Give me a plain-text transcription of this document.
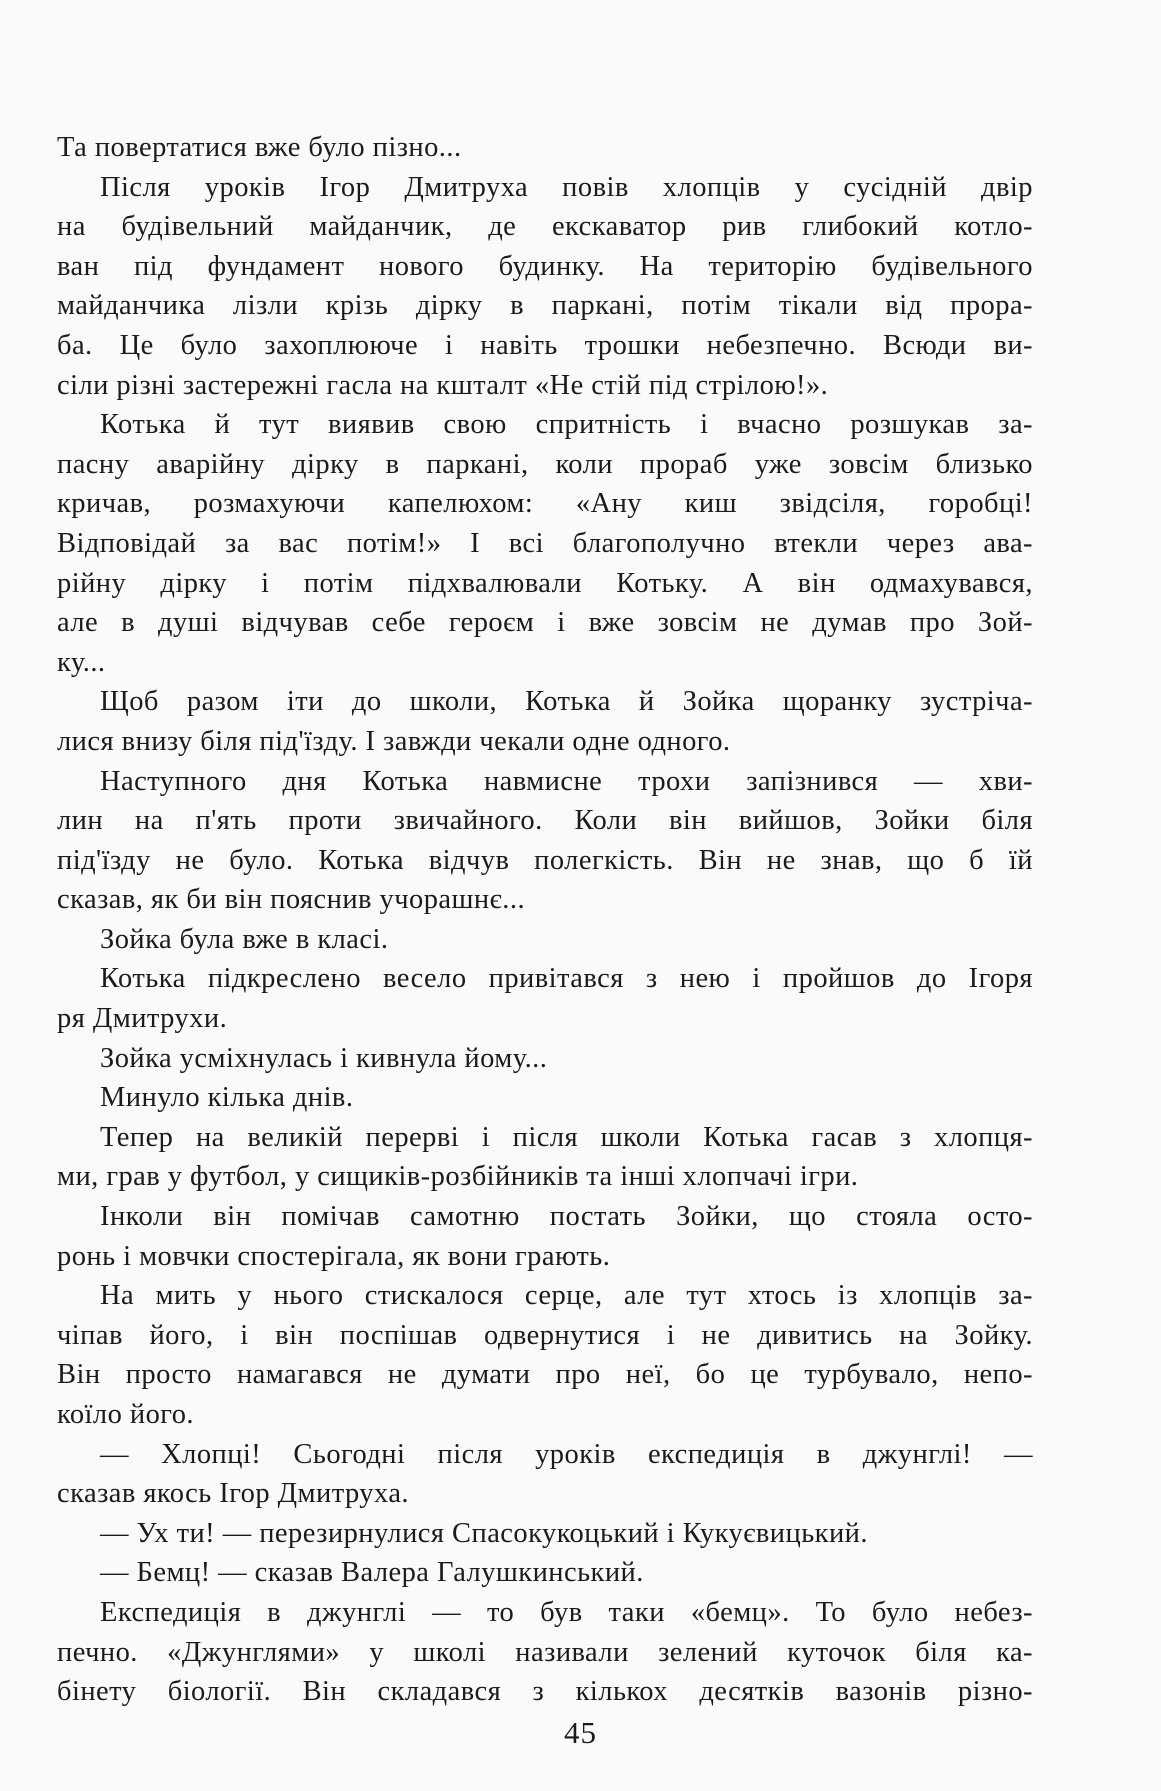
Та повертатися вже було пізно...
Після уроків Ігор Дмитруха повів хлопців у сусідній двір
на будівельний майданчик, де екскаватор рив глибокий котло-
ван під фундамент нового будинку. На територію будівельного
майданчика лізли крізь дірку в паркані, потім тікали від прора-
ба. Це було захоплююче і навіть трошки небезпечно. Всюди ви-
сіли різні застережні гасла на кшталт «Не стій під стрілою!».
Котька й тут виявив свою спритність і вчасно розшукав за-
пасну аварійну дірку в паркані, коли прораб уже зовсім близько
кричав, розмахуючи капелюхом: «Ану киш звідсіля, горобці!
Відповідай за вас потім!» І всі благополучно втекли через ава-
рійну дірку і потім підхвалювали Котьку. А він одмахувався,
але в душі відчував себе героєм і вже зовсім не думав про Зой-
ку...
Щоб разом іти до школи, Котька й Зойка щоранку зустріча-
лися внизу біля під'їзду. І завжди чекали одне одного.
Наступного дня Котька навмисне трохи запізнився — хви-
лин на п'ять проти звичайного. Коли він вийшов, Зойки біля
під'їзду не було. Котька відчув полегкість. Він не знав, що б їй
сказав, як би він пояснив учорашнє...
Зойка була вже в класі.
Котька підкреслено весело привітався з нею і пройшов до Ігоря
ря Дмитрухи.
Зойка усміхнулась і кивнула йому...
Минуло кілька днів.
Тепер на великій перерві і після школи Котька гасав з хлопця-
ми, грав у футбол, у сищиків-розбійників та інші хлопчачі ігри.
Інколи він помічав самотню постать Зойки, що стояла осто-
ронь і мовчки спостерігала, як вони грають.
На мить у нього стискалося серце, але тут хтось із хлопців за-
чіпав його, і він поспішав одвернутися і не дивитись на Зойку.
Він просто намагався не думати про неї, бо це турбувало, непо-
коїло його.
— Хлопці! Сьогодні після уроків експедиція в джунглі! —
сказав якось Ігор Дмитруха.
— Ух ти! — перезирнулися Спасокукоцький і Кукуєвицький.
— Бемц! — сказав Валера Галушкинський.
Експедиція в джунглі — то був таки «бемц». То було небез-
печно. «Джунглями» у школі називали зелений куточок біля ка-
бінету біології. Він складався з кількох десятків вазонів різно-
45
